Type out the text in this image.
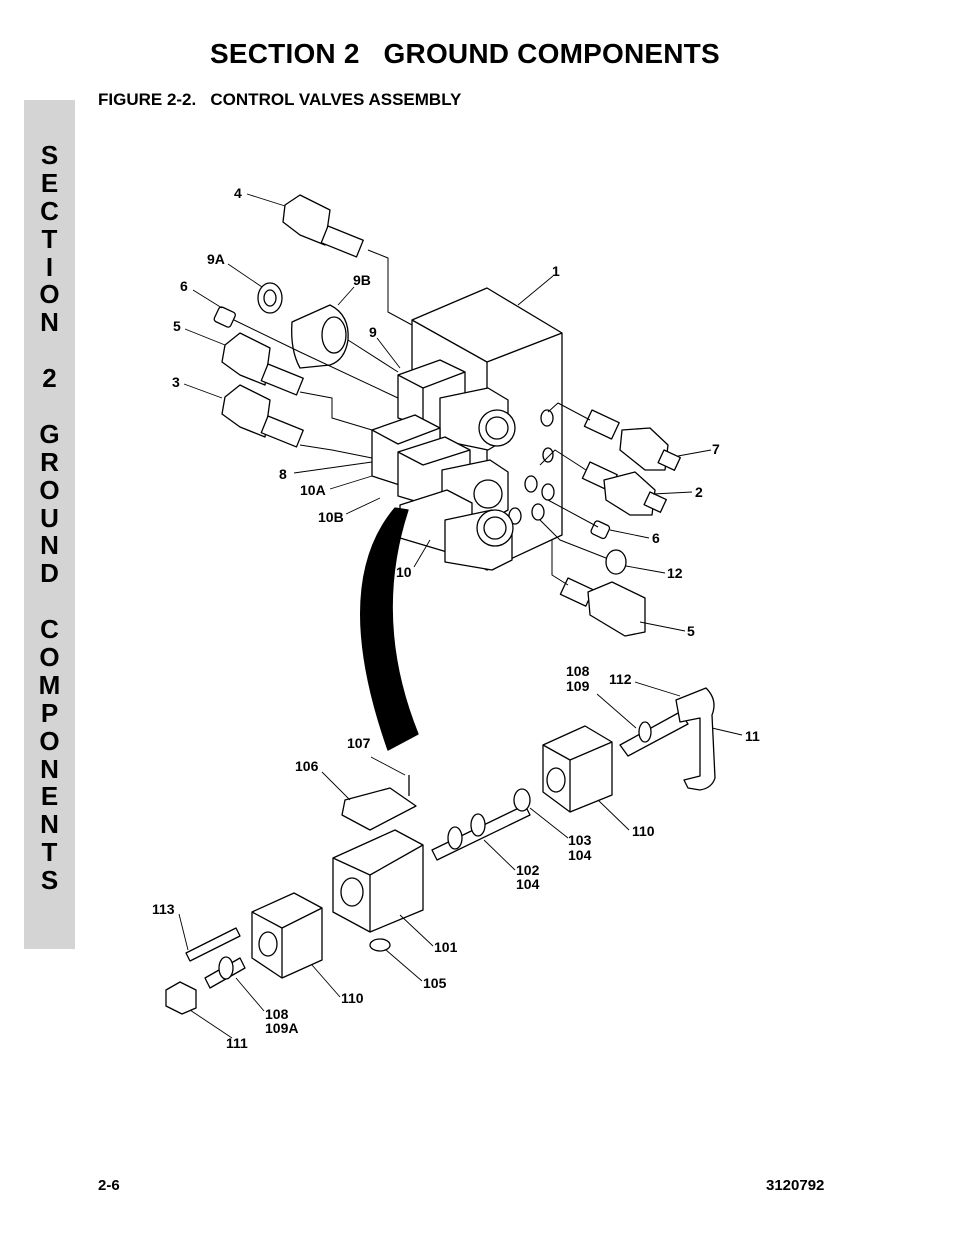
SECTION 2   GROUND COMPONENTS
FIGURE 2-2.   CONTROL VALVES ASSEMBLY
S
E
C
T
I
O
N
2
G
R
O
U
N
D
C
O
M
P
O
N
E
N
T
S
4
9A
9B
6
1
5	9
3
7
8
2
10A
10B
6
10	12
5
108
109 112
11
107
106
103
104
110
102
104
113
101
105
110
108
109A
111
2-6	3120792
